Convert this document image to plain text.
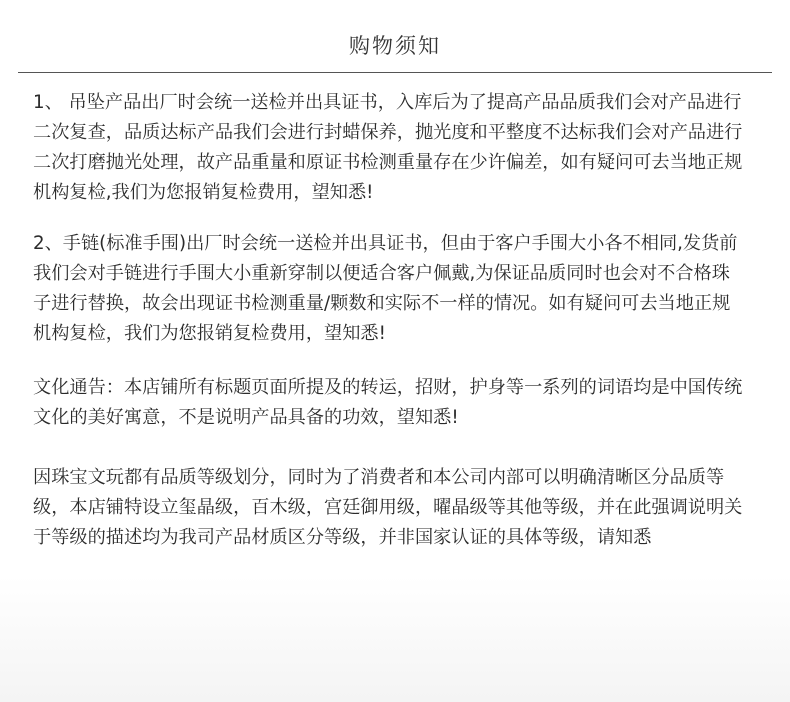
购物须知
1、 吊坠产品出厂时会统一送检并出具证书，入库后为了提高产品品质我们会对产品进行二次复查，品质达标产品我们会进行封蜡保养，抛光度和平整度不达标我们会对产品进行二次打磨抛光处理，故产品重量和原证书检测重量存在少许偏差，如有疑问可去当地正规机构复检,我们为您报销复检费用，望知悉!
2、手链(标准手围)出厂时会统一送检并出具证书，但由于客户手围大小各不相同,发货前我们会对手链进行手围大小重新穿制以便适合客户佩戴,为保证品质同时也会对不合格珠子进行替换，故会出现证书检测重量/颗数和实际不一样的情况。如有疑问可去当地正规机构复检，我们为您报销复检费用，望知悉!
文化通告：本店铺所有标题页面所提及的转运，招财，护身等一系列的词语均是中国传统文化的美好寓意，不是说明产品具备的功效，望知悉!
因珠宝文玩都有品质等级划分，同时为了消费者和本公司内部可以明确清晰区分品质等级，本店铺特设立玺晶级，百木级，宫廷御用级，曜晶级等其他等级，并在此强调说明关于等级的描述均为我司产品材质区分等级，并非国家认证的具体等级，请知悉
